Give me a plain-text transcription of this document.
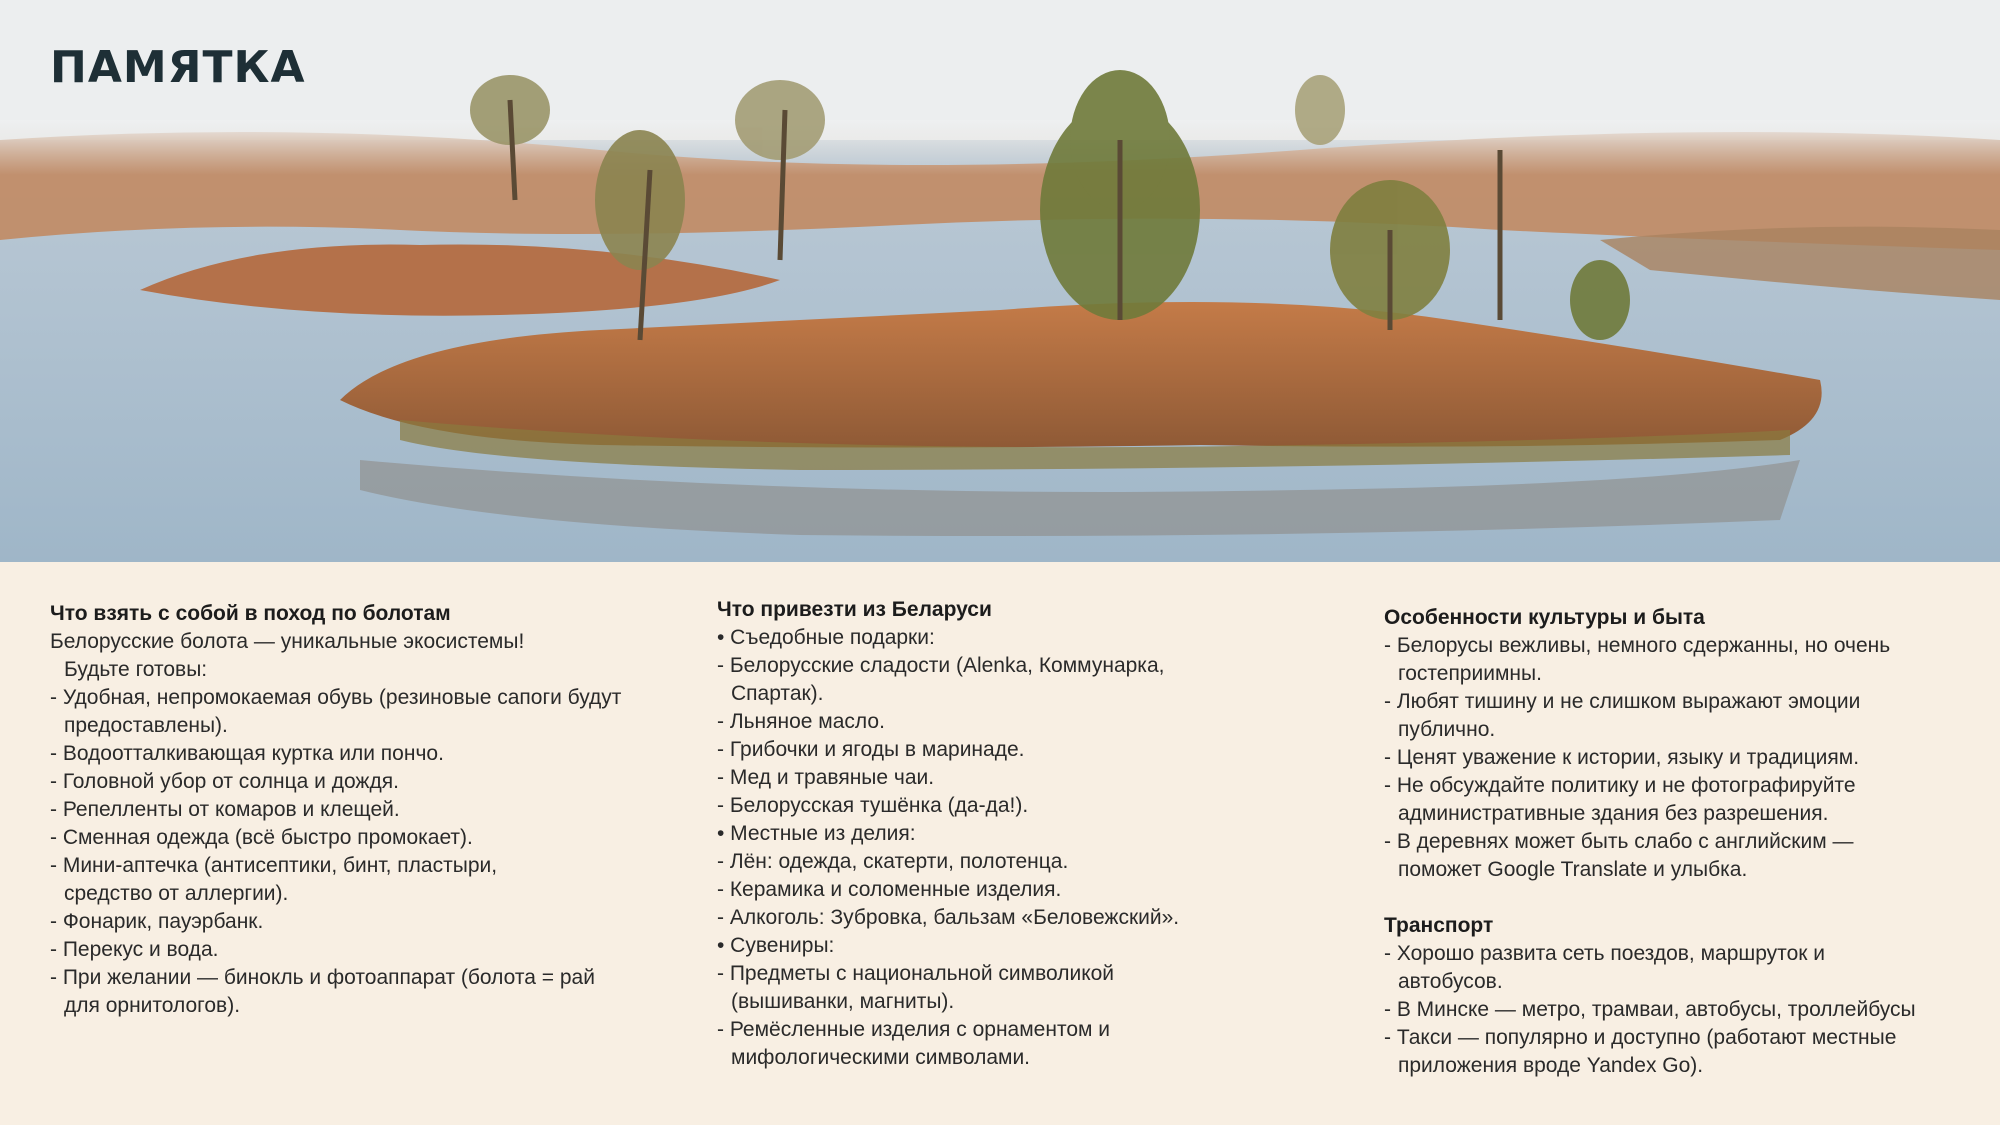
ПАМЯТКА
Что взять с собой в поход по болотам
Белорусские болота — уникальные экосистемы!
Будьте готовы:
- Удобная, непромокаемая обувь (резиновые сапоги будут предоставлены).
- Водоотталкивающая куртка или пончо.
- Головной убор от солнца и дождя.
- Репелленты от комаров и клещей.
- Сменная одежда (всё быстро промокает).
- Мини-аптечка (антисептики, бинт, пластыри, средство от аллергии).
- Фонарик, пауэрбанк.
- Перекус и вода.
- При желании — бинокль и фотоаппарат (болота = рай для орнитологов).
Что привезти из Беларуси
• Съедобные подарки:
- Белорусские сладости (Alenka, Коммунарка, Спартак).
- Льняное масло.
- Грибочки и ягоды в маринаде.
- Мед и травяные чаи.
- Белорусская тушёнка (да-да!).
• Местные из делия:
- Лён: одежда, скатерти, полотенца.
- Керамика и соломенные изделия.
- Алкоголь: Зубровка, бальзам «Беловежский».
• Сувениры:
- Предметы с национальной символикой (вышиванки, магниты).
- Ремёсленные изделия с орнаментом и мифологическими символами.
Особенности культуры и быта
- Белорусы вежливы, немного сдержанны, но очень гостеприимны.
- Любят тишину и не слишком выражают эмоции публично.
- Ценят уважение к истории, языку и традициям.
- Не обсуждайте политику и не фотографируйте административные здания без разрешения.
- В деревнях может быть слабо с английским — поможет Google Translate и улыбка.
Транспорт
- Хорошо развита сеть поездов, маршруток и автобусов.
- В Минске — метро, трамваи, автобусы, троллейбусы
- Такси — популярно и доступно (работают местные приложения вроде Yandex Go).
